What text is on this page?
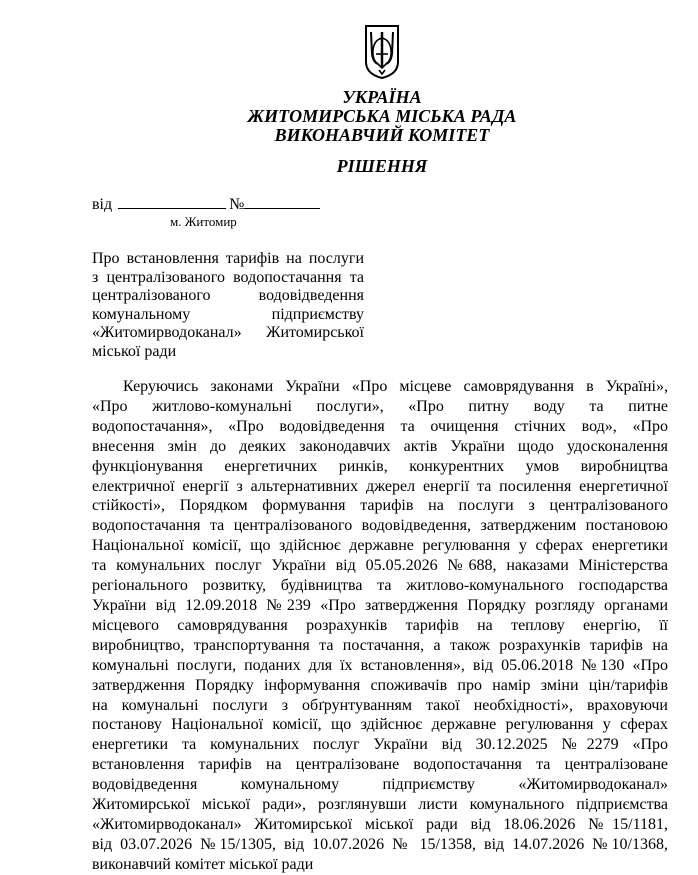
УКРАЇНА
ЖИТОМИРСЬКА МІСЬКА РАДА
ВИКОНАВЧИЙ КОМІТЕТ
РІШЕННЯ
від	№
м. Житомир
Про встановлення тарифів на послуги
з централізованого водопостачання та
централізованого водовідведення
комунальному підприємству
«Житомирводоканал» Житомирської
міської ради
Керуючись законами України «Про місцеве самоврядування в Україні»,
«Про житлово-комунальні послуги», «Про питну воду та питне
водопостачання», «Про водовідведення та очищення стічних вод», «Про
внесення змін до деяких законодавчих актів України щодо удосконалення
функціонування енергетичних ринків, конкурентних умов виробництва
електричної енергії з альтернативних джерел енергії та посилення енергетичної
стійкості», Порядком формування тарифів на послуги з централізованого
водопостачання та централізованого водовідведення, затвердженим постановою
Національної комісії, що здійснює державне регулювання у сферах енергетики
та комунальних послуг України від 05.05.2026 №688, наказами Міністерства
регіонального розвитку, будівництва та житлово-комунального господарства
України від 12.09.2018 №239 «Про затвердження Порядку розгляду органами
місцевого самоврядування розрахунків тарифів на теплову енергію, її
виробництво, транспортування та постачання, а також розрахунків тарифів на
комунальні послуги, поданих для їх встановлення», від 05.06.2018 №130 «Про
затвердження Порядку інформування споживачів про намір зміни цін/тарифів
на комунальні послуги з обґрунтуванням такої необхідності», враховуючи
постанову Національної комісії, що здійснює державне регулювання у сферах
енергетики та комунальних послуг України від 30.12.2025 №2279 «Про
встановлення тарифів на централізоване водопостачання та централізоване
водовідведення комунальному підприємству «Житомирводоканал»
Житомирської міської ради», розглянувши листи комунального підприємства
«Житомирводоканал» Житомирської міської ради від 18.06.2026 №15/1181,
від 03.07.2026 №15/1305, від 10.07.2026 № 15/1358, від 14.07.2026 №10/1368,
виконавчий комітет міської ради
